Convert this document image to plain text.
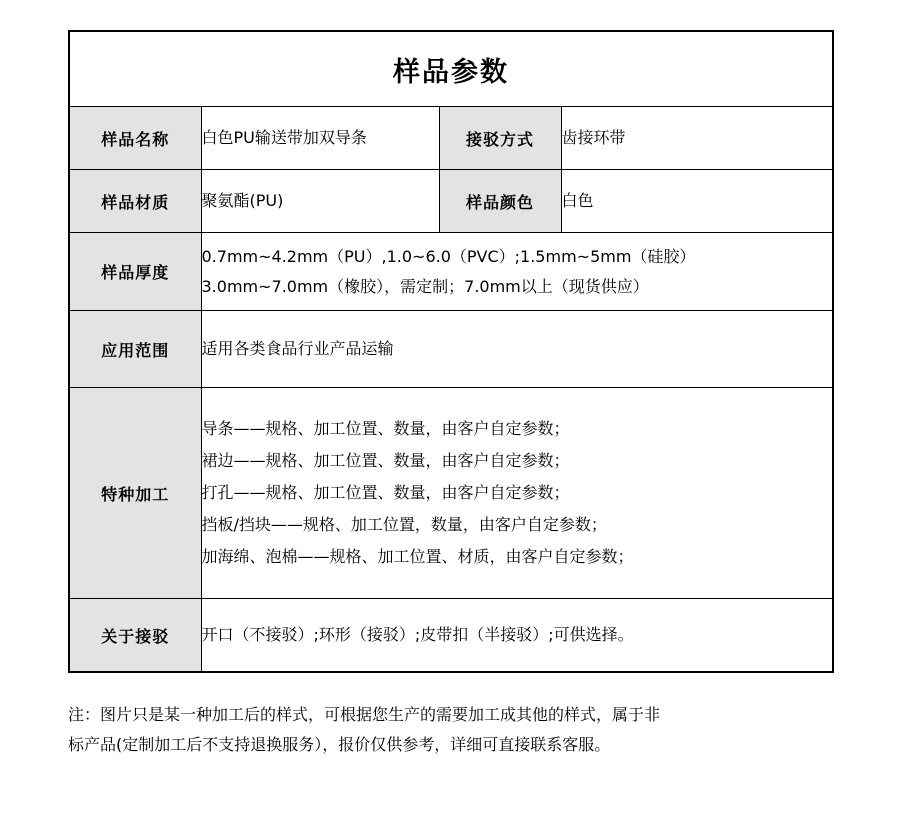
样品参数			
样品名称	白色PU输送带加双导条	接驳方式	齿接环带
样品材质	聚氨酯(PU)	样品颜色	白色
样品厚度	0.7mm~4.2mm（PU）,1.0~6.0（PVC）;1.5mm~5mm（硅胶）
3.0mm~7.0mm（橡胶），需定制；7.0mm以上（现货供应）		

应用范围	适用各类食品行业产品运输		
特种加工	导条——规格、加工位置、数量，由客户自定参数；
裙边——规格、加工位置、数量，由客户自定参数；
打孔——规格、加工位置、数量，由客户自定参数；
挡板/挡块——规格、加工位置，数量，由客户自定参数；
加海绵、泡棉——规格、加工位置、材质，由客户自定参数；		

关于接驳	开口（不接驳）;环形（接驳）;皮带扣（半接驳）;可供选择。		
注：图片只是某一种加工后的样式，可根据您生产的需要加工成其他的样式，属于非
标产品(定制加工后不支持退换服务），报价仅供参考，详细可直接联系客服。
